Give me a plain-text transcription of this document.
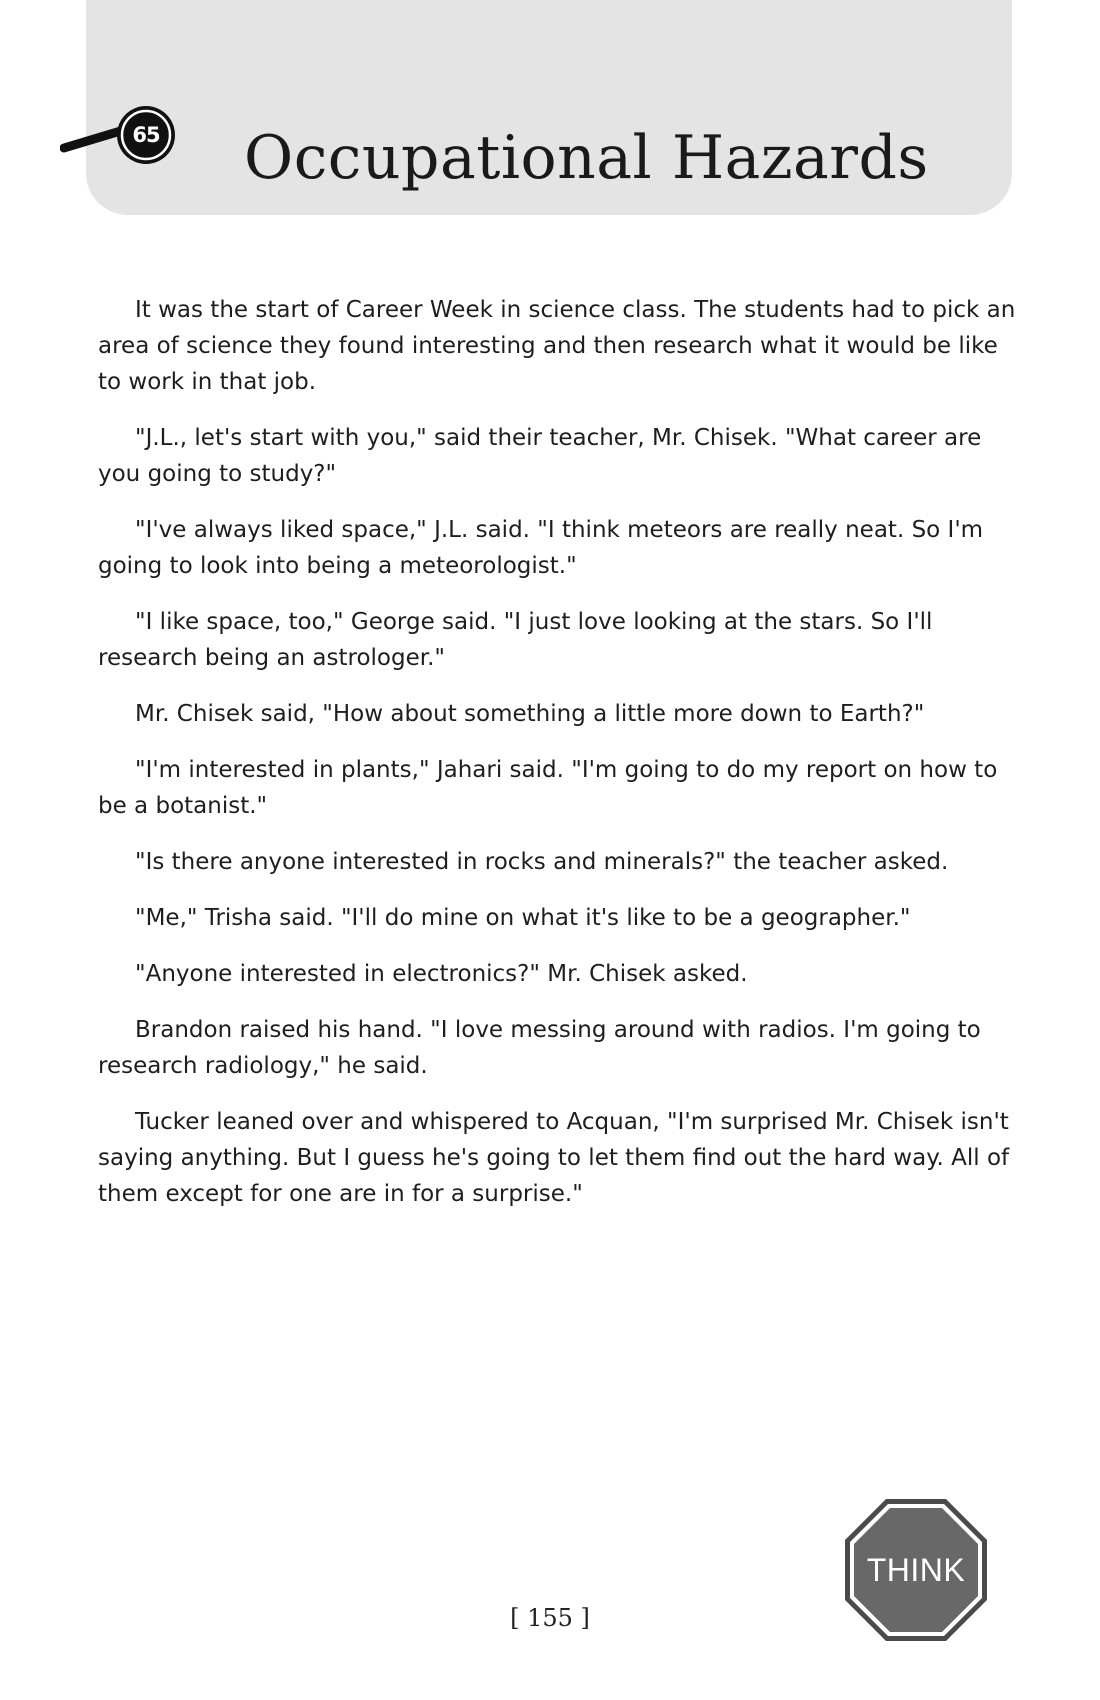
65 Occupational Hazards

It was the start of Career Week in science class. The students had to pick an area of science they found interesting and then research what it would be like to work in that job.

"J.L., let's start with you," said their teacher, Mr. Chisek. "What career are you going to study?"

"I've always liked space," J.L. said. "I think meteors are really neat. So I'm going to look into being a meteorologist."

"I like space, too," George said. "I just love looking at the stars. So I'll research being an astrologer."

Mr. Chisek said, "How about something a little more down to Earth?"

"I'm interested in plants," Jahari said. "I'm going to do my report on how to be a botanist."

"Is there anyone interested in rocks and minerals?" the teacher asked.

"Me," Trisha said. "I'll do mine on what it's like to be a geographer."

"Anyone interested in electronics?" Mr. Chisek asked.

Brandon raised his hand. "I love messing around with radios. I'm going to research radiology," he said.

Tucker leaned over and whispered to Acquan, "I'm surprised Mr. Chisek isn't saying anything. But I guess he's going to let them find out the hard way. All of them except for one are in for a surprise."

[ 155 ]
THINK
